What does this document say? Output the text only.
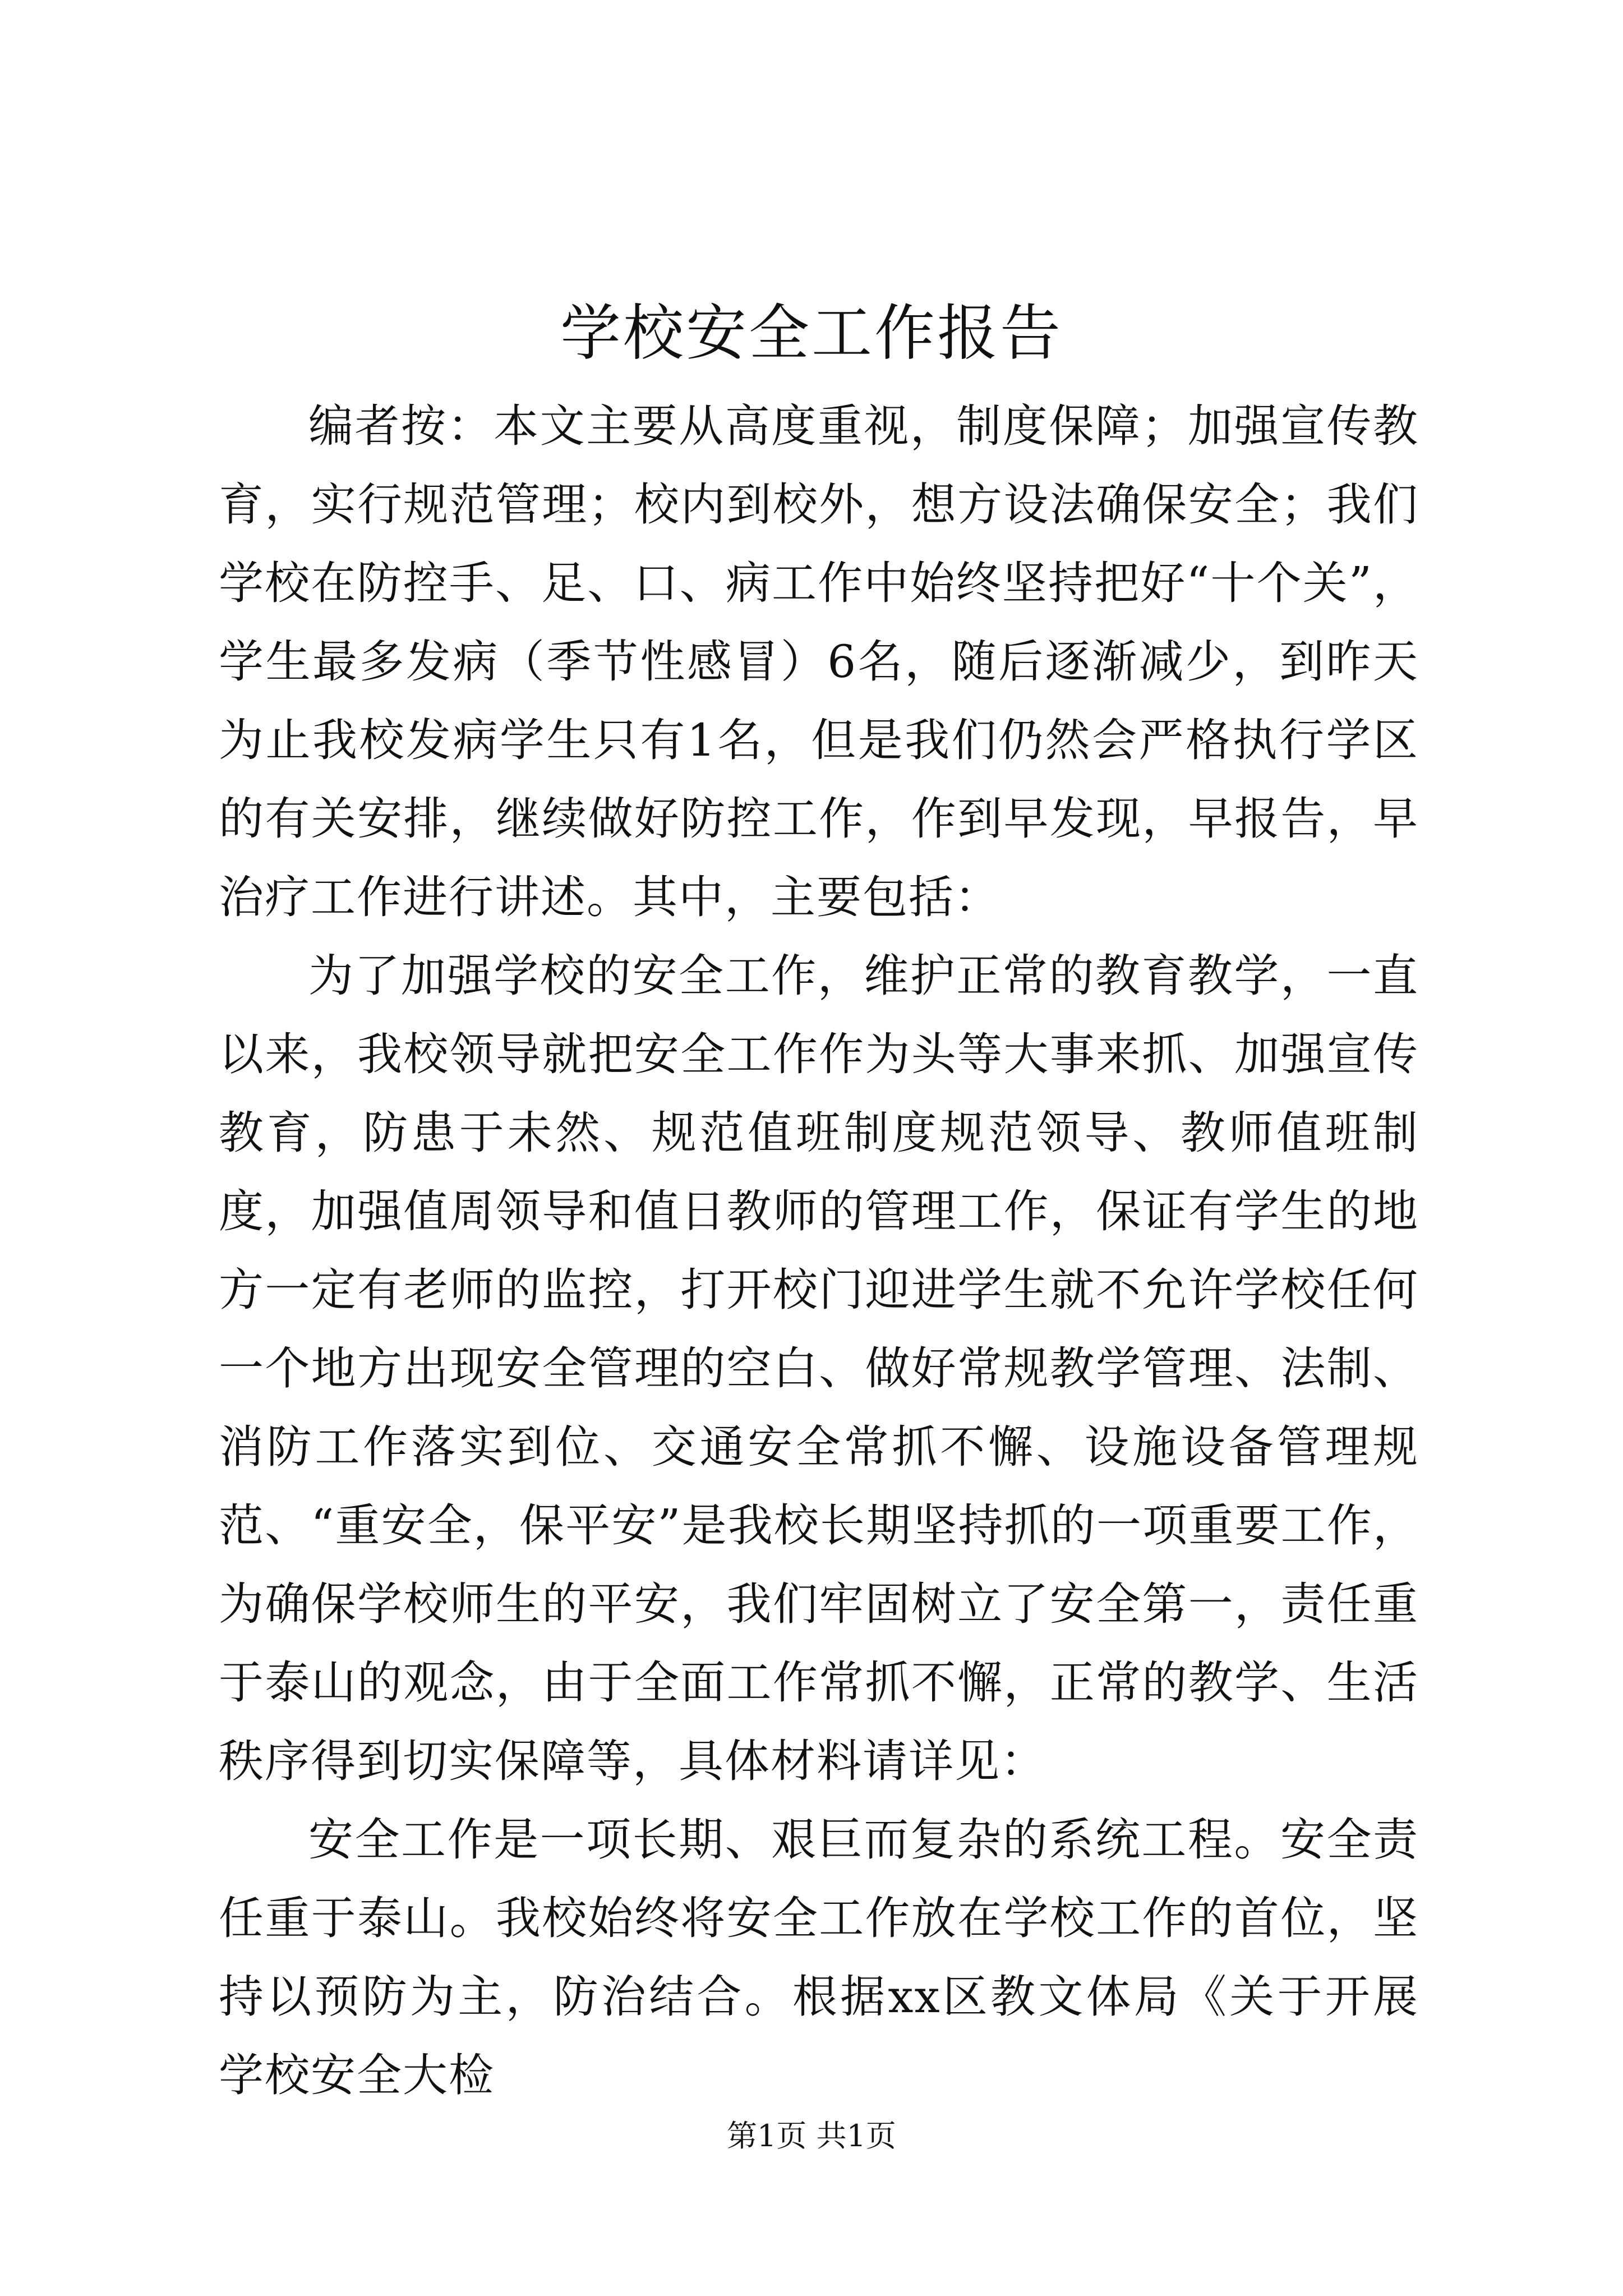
学校安全工作报告

编者按：本文主要从高度重视，制度保障；加强宣传教育，实行规范管理；校内到校外，想方设法确保安全；我们学校在防控手、足、口、病工作中始终坚持把好“十个关”，学生最多发病（季节性感冒）6名，随后逐渐减少，到昨天为止我校发病学生只有1名，但是我们仍然会严格执行学区的有关安排，继续做好防控工作，作到早发现，早报告，早治疗工作进行讲述。其中，主要包括：

为了加强学校的安全工作，维护正常的教育教学，一直以来，我校领导就把安全工作作为头等大事来抓、加强宣传教育，防患于未然、规范值班制度规范领导、教师值班制度，加强值周领导和值日教师的管理工作，保证有学生的地方一定有老师的监控，打开校门迎进学生就不允许学校任何一个地方出现安全管理的空白、做好常规教学管理、法制、消防工作落实到位、交通安全常抓不懈、设施设备管理规范、“重安全，保平安”是我校长期坚持抓的一项重要工作，为确保学校师生的平安，我们牢固树立了安全第一，责任重于泰山的观念，由于全面工作常抓不懈，正常的教学、生活秩序得到切实保障等，具体材料请详见：

安全工作是一项长期、艰巨而复杂的系统工程。安全责任重于泰山。我校始终将安全工作放在学校工作的首位，坚持以预防为主，防治结合。根据xx区教文体局《关于开展学校安全大检

第1页 共1页
